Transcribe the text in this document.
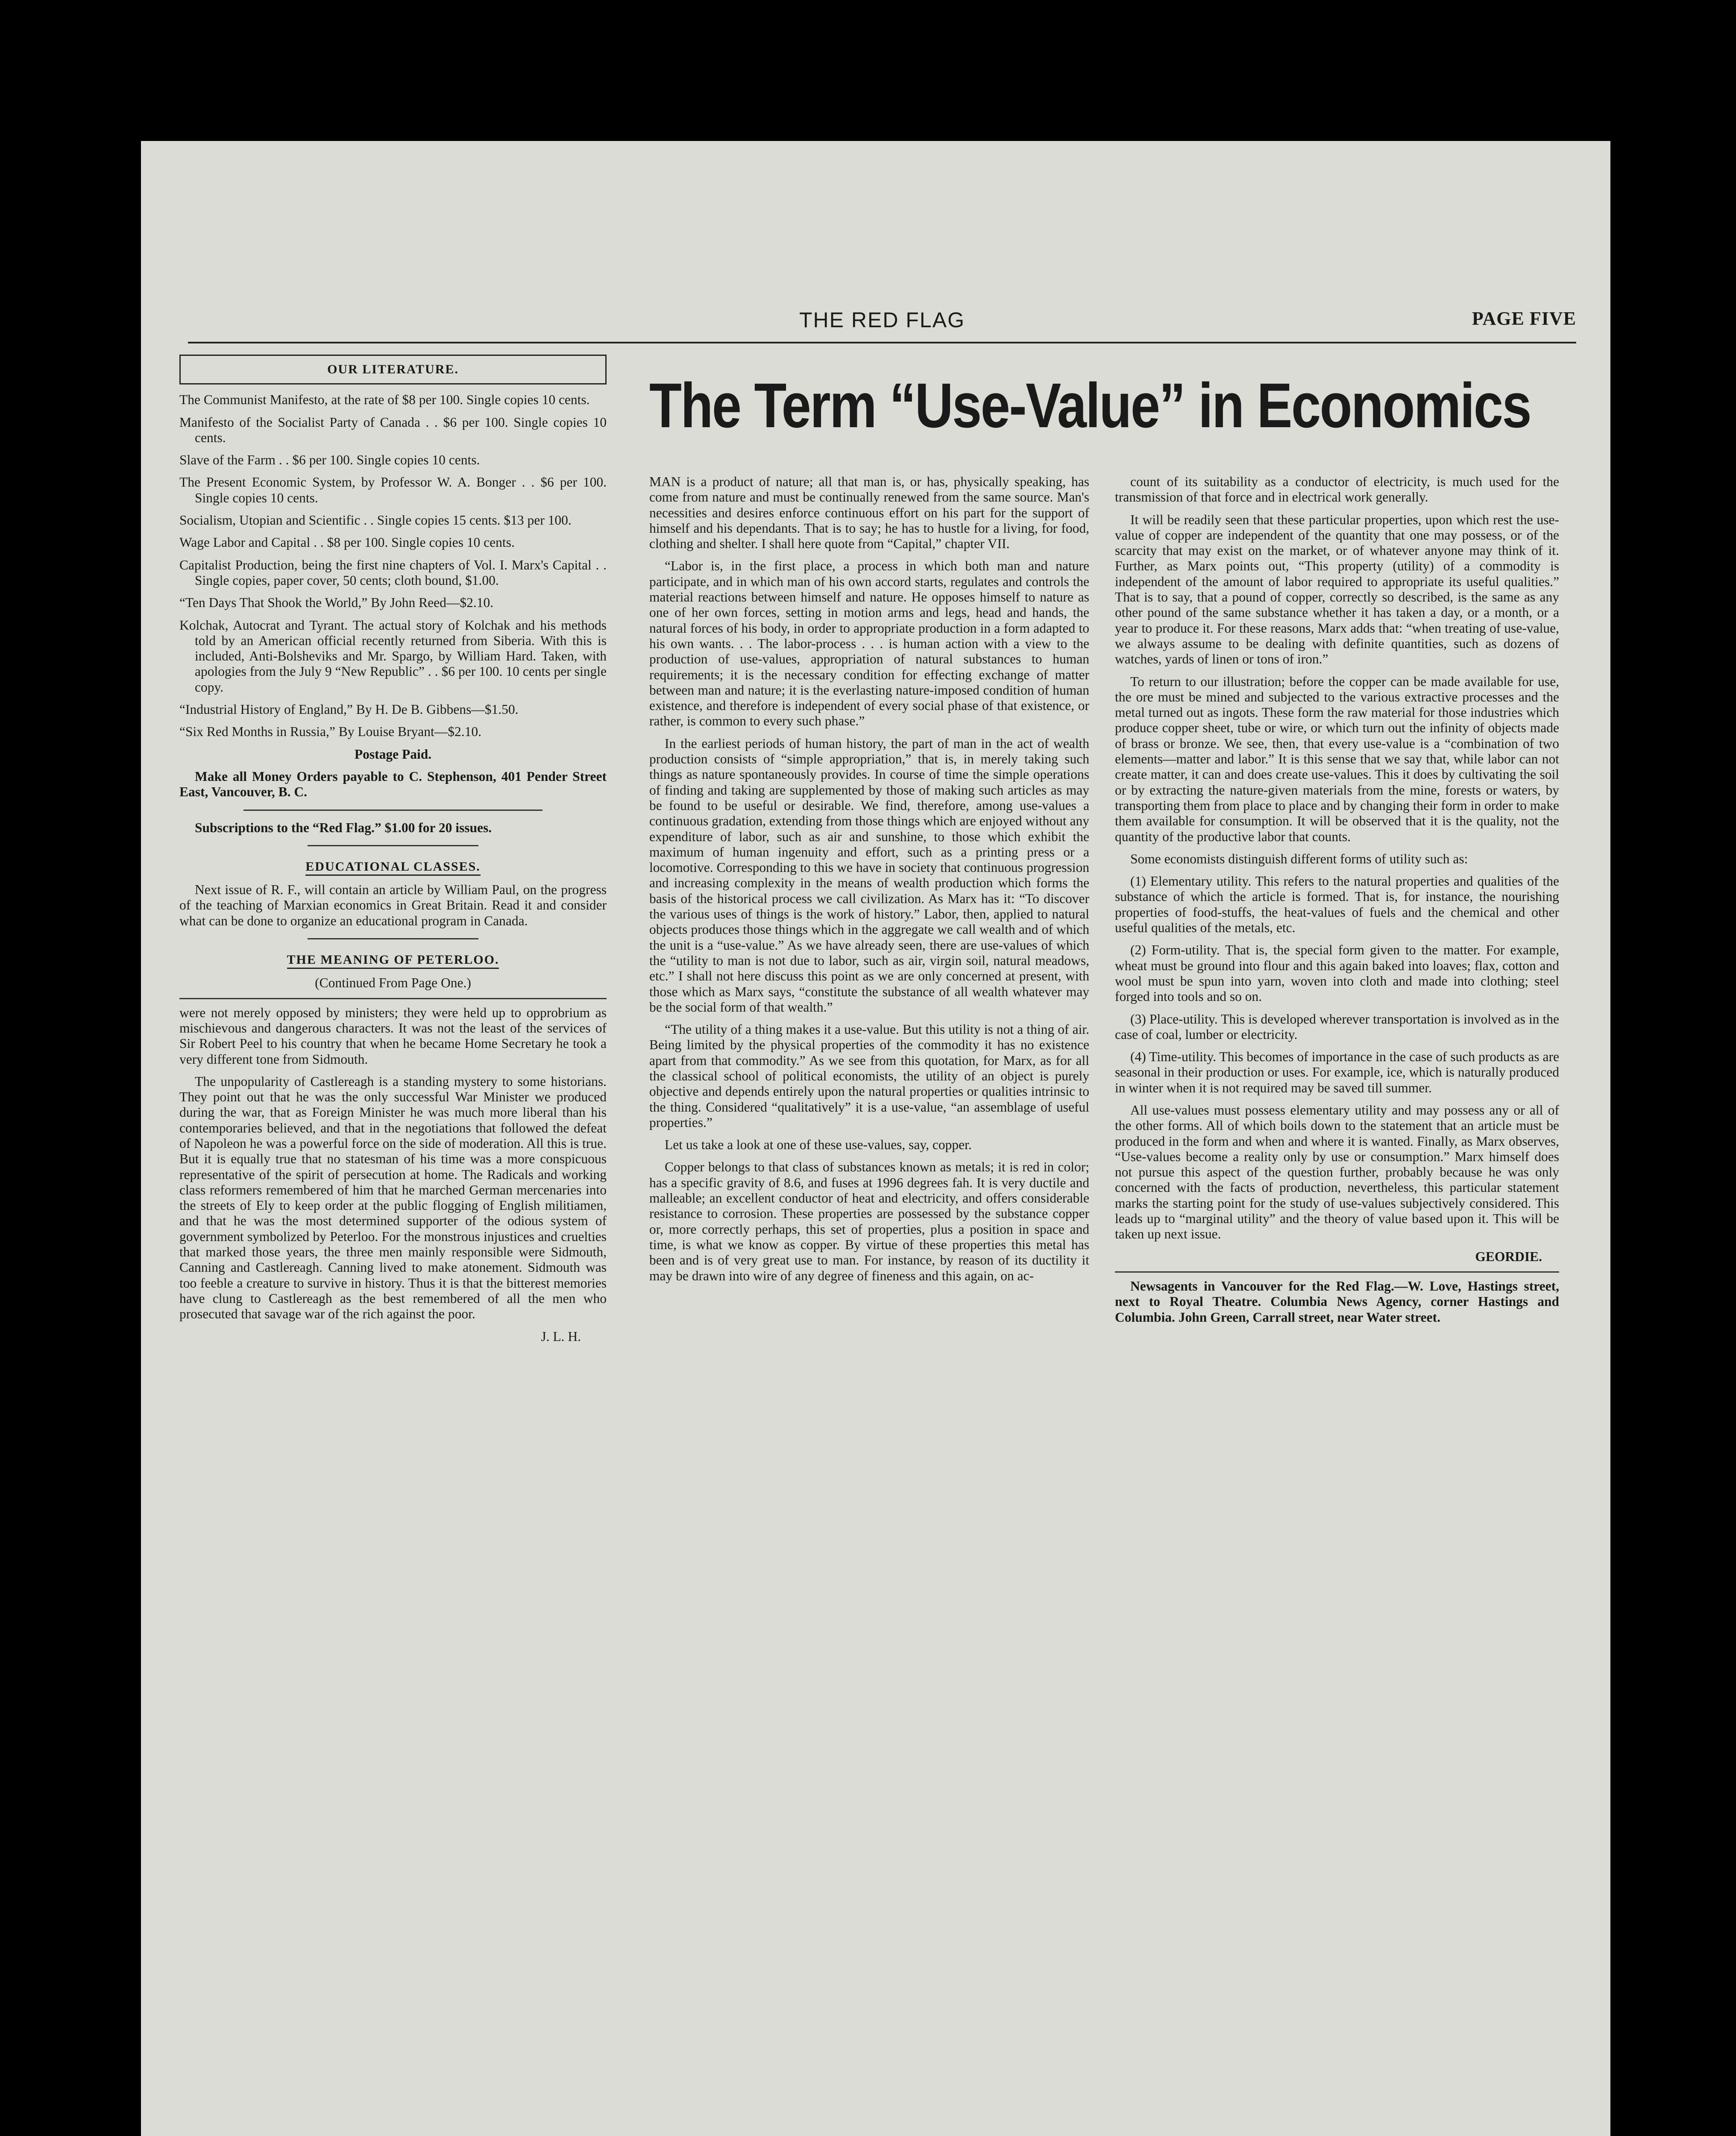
THE RED FLAG	PAGE FIVE
OUR LITERATURE.

The Communist Manifesto, at the rate of $8 per 100. Single copies 10 cents.

Manifesto of the Socialist Party of Canada . . $6 per 100. Single copies 10 cents.

Slave of the Farm . . $6 per 100. Single copies 10 cents.

The Present Economic System, by Professor W. A. Bonger . . $6 per 100. Single copies 10 cents.

Socialism, Utopian and Scientific . . Single copies 15 cents. $13 per 100.

Wage Labor and Capital . . $8 per 100. Single copies 10 cents.

Capitalist Production, being the first nine chapters of Vol. I. Marx's Capital . . Single copies, paper cover, 50 cents; cloth bound, $1.00.

“Ten Days That Shook the World,” By John Reed—$2.10.

Kolchak, Autocrat and Tyrant. The actual story of Kolchak and his methods told by an American official recently returned from Siberia. With this is included, Anti-Bolsheviks and Mr. Spargo, by William Hard. Taken, with apologies from the July 9 “New Republic” . . $6 per 100. 10 cents per single copy.

“Industrial History of England,” By H. De B. Gibbens—$1.50.

“Six Red Months in Russia,” By Louise Bryant—$2.10.

Postage Paid.

Make all Money Orders payable to C. Stephenson, 401 Pender Street East, Vancouver, B. C.

Subscriptions to the “Red Flag.” $1.00 for 20 issues.

EDUCATIONAL CLASSES.

Next issue of R. F., will contain an article by William Paul, on the progress of the teaching of Marxian economics in Great Britain. Read it and consider what can be done to organize an educational program in Canada.

THE MEANING OF PETERLOO.

(Continued From Page One.)

were not merely opposed by ministers; they were held up to opprobrium as mischievous and dangerous characters. It was not the least of the services of Sir Robert Peel to his country that when he became Home Secretary he took a very different tone from Sidmouth.

The unpopularity of Castlereagh is a standing mystery to some historians. They point out that he was the only successful War Minister we produced during the war, that as Foreign Minister he was much more liberal than his contemporaries believed, and that in the negotiations that followed the defeat of Napoleon he was a powerful force on the side of moderation. All this is true. But it is equally true that no statesman of his time was a more conspicuous representative of the spirit of persecution at home. The Radicals and working class reformers remembered of him that he marched German mercenaries into the streets of Ely to keep order at the public flogging of English militiamen, and that he was the most determined supporter of the odious system of government symbolized by Peterloo. For the monstrous injustices and cruelties that marked those years, the three men mainly responsible were Sidmouth, Canning and Castlereagh. Canning lived to make atonement. Sidmouth was too feeble a creature to survive in history. Thus it is that the bitterest memories have clung to Castlereagh as the best remembered of all the men who prosecuted that savage war of the rich against the poor.

J. L. H.

The Term “Use-Value” in Economics

MAN is a product of nature; all that man is, or has, physically speaking, has come from nature and must be continually renewed from the same source. Man's necessities and desires enforce continuous effort on his part for the support of himself and his dependants. That is to say; he has to hustle for a living, for food, clothing and shelter. I shall here quote from “Capital,” chapter VII.

“Labor is, in the first place, a process in which both man and nature participate, and in which man of his own accord starts, regulates and controls the material reactions between himself and nature. He opposes himself to nature as one of her own forces, setting in motion arms and legs, head and hands, the natural forces of his body, in order to appropriate production in a form adapted to his own wants. . . The labor-process . . . is human action with a view to the production of use-values, appropriation of natural substances to human requirements; it is the necessary condition for effecting exchange of matter between man and nature; it is the everlasting nature-imposed condition of human existence, and therefore is independent of every social phase of that existence, or rather, is common to every such phase.”

In the earliest periods of human history, the part of man in the act of wealth production consists of “simple appropriation,” that is, in merely taking such things as nature spontaneously provides. In course of time the simple operations of finding and taking are supplemented by those of making such articles as may be found to be useful or desirable. We find, therefore, among use-values a continuous gradation, extending from those things which are enjoyed without any expenditure of labor, such as air and sunshine, to those which exhibit the maximum of human ingenuity and effort, such as a printing press or a locomotive. Corresponding to this we have in society that continuous progression and increasing complexity in the means of wealth production which forms the basis of the historical process we call civilization. As Marx has it: “To discover the various uses of things is the work of history.” Labor, then, applied to natural objects produces those things which in the aggregate we call wealth and of which the unit is a “use-value.” As we have already seen, there are use-values of which the “utility to man is not due to labor, such as air, virgin soil, natural meadows, etc.” I shall not here discuss this point as we are only concerned at present, with those which as Marx says, “constitute the substance of all wealth whatever may be the social form of that wealth.”

“The utility of a thing makes it a use-value. But this utility is not a thing of air. Being limited by the physical properties of the commodity it has no existence apart from that commodity.” As we see from this quotation, for Marx, as for all the classical school of political economists, the utility of an object is purely objective and depends entirely upon the natural properties or qualities intrinsic to the thing. Considered “qualitatively” it is a use-value, “an assemblage of useful properties.”

Let us take a look at one of these use-values, say, copper.

Copper belongs to that class of substances known as metals; it is red in color; has a specific gravity of 8.6, and fuses at 1996 degrees fah. It is very ductile and malleable; an excellent conductor of heat and electricity, and offers considerable resistance to corrosion. These properties are possessed by the substance copper or, more correctly perhaps, this set of properties, plus a position in space and time, is what we know as copper. By virtue of these properties this metal has been and is of very great use to man. For instance, by reason of its ductility it may be drawn into wire of any degree of fineness and this again, on ac-

count of its suitability as a conductor of electricity, is much used for the transmission of that force and in electrical work generally.

It will be readily seen that these particular properties, upon which rest the use-value of copper are independent of the quantity that one may possess, or of the scarcity that may exist on the market, or of whatever anyone may think of it. Further, as Marx points out, “This property (utility) of a commodity is independent of the amount of labor required to appropriate its useful qualities.” That is to say, that a pound of copper, correctly so described, is the same as any other pound of the same substance whether it has taken a day, or a month, or a year to produce it. For these reasons, Marx adds that: “when treating of use-value, we always assume to be dealing with definite quantities, such as dozens of watches, yards of linen or tons of iron.”

To return to our illustration; before the copper can be made available for use, the ore must be mined and subjected to the various extractive processes and the metal turned out as ingots. These form the raw material for those industries which produce copper sheet, tube or wire, or which turn out the infinity of objects made of brass or bronze. We see, then, that every use-value is a “combination of two elements—matter and labor.” It is this sense that we say that, while labor can not create matter, it can and does create use-values. This it does by cultivating the soil or by extracting the nature-given materials from the mine, forests or waters, by transporting them from place to place and by changing their form in order to make them available for consumption. It will be observed that it is the quality, not the quantity of the productive labor that counts.

Some economists distinguish different forms of utility such as:

(1) Elementary utility. This refers to the natural properties and qualities of the substance of which the article is formed. That is, for instance, the nourishing properties of food-stuffs, the heat-values of fuels and the chemical and other useful qualities of the metals, etc.

(2) Form-utility. That is, the special form given to the matter. For example, wheat must be ground into flour and this again baked into loaves; flax, cotton and wool must be spun into yarn, woven into cloth and made into clothing; steel forged into tools and so on.

(3) Place-utility. This is developed wherever transportation is involved as in the case of coal, lumber or electricity.

(4) Time-utility. This becomes of importance in the case of such products as are seasonal in their production or uses. For example, ice, which is naturally produced in winter when it is not required may be saved till summer.

All use-values must possess elementary utility and may possess any or all of the other forms. All of which boils down to the statement that an article must be produced in the form and when and where it is wanted. Finally, as Marx observes, “Use-values become a reality only by use or consumption.” Marx himself does not pursue this aspect of the question further, probably because he was only concerned with the facts of production, nevertheless, this particular statement marks the starting point for the study of use-values subjectively considered. This leads up to “marginal utility” and the theory of value based upon it. This will be taken up next issue.

GEORDIE.

Newsagents in Vancouver for the Red Flag.—W. Love, Hastings street, next to Royal Theatre. Columbia News Agency, corner Hastings and Columbia. John Green, Carrall street, near Water street.
